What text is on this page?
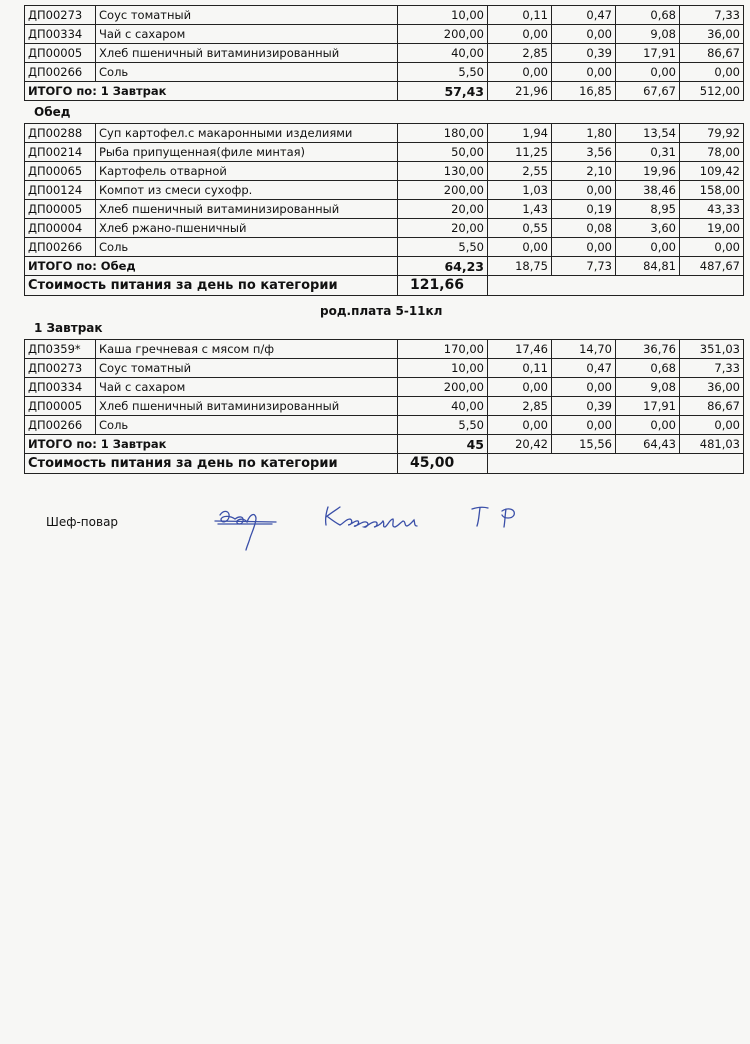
ДП00273	Соус томатный	10,00	0,11	0,47	0,68	7,33
ДП00334	Чай с сахаром	200,00	0,00	0,00	9,08	36,00
ДП00005	Хлеб пшеничный витаминизированный	40,00	2,85	0,39	17,91	86,67
ДП00266	Соль	5,50	0,00	0,00	0,00	0,00
ИТОГО по: 1 Завтрак		57,43	21,96	16,85	67,67	512,00
Обед
ДП00288	Суп картофел.с макаронными изделиями	180,00	1,94	1,80	13,54	79,92
ДП00214	Рыба припущенная(филе минтая)	50,00	11,25	3,56	0,31	78,00
ДП00065	Картофель отварной	130,00	2,55	2,10	19,96	109,42
ДП00124	Компот из смеси сухофр.	200,00	1,03	0,00	38,46	158,00
ДП00005	Хлеб пшеничный витаминизированный	20,00	1,43	0,19	8,95	43,33
ДП00004	Хлеб ржано-пшеничный	20,00	0,55	0,08	3,60	19,00
ДП00266	Соль	5,50	0,00	0,00	0,00	0,00
ИТОГО по: Обед		64,23	18,75	7,73	84,81	487,67
Стоимость питания за день по категории		121,66				
род.плата 5-11кл
1 Завтрак
ДП0359*	Каша гречневая с мясом п/ф	170,00	17,46	14,70	36,76	351,03
ДП00273	Соус томатный	10,00	0,11	0,47	0,68	7,33
ДП00334	Чай с сахаром	200,00	0,00	0,00	9,08	36,00
ДП00005	Хлеб пшеничный витаминизированный	40,00	2,85	0,39	17,91	86,67
ДП00266	Соль	5,50	0,00	0,00	0,00	0,00
ИТОГО по: 1 Завтрак		45	20,42	15,56	64,43	481,03
Стоимость питания за день по категории		45,00				
Шеф-повар
